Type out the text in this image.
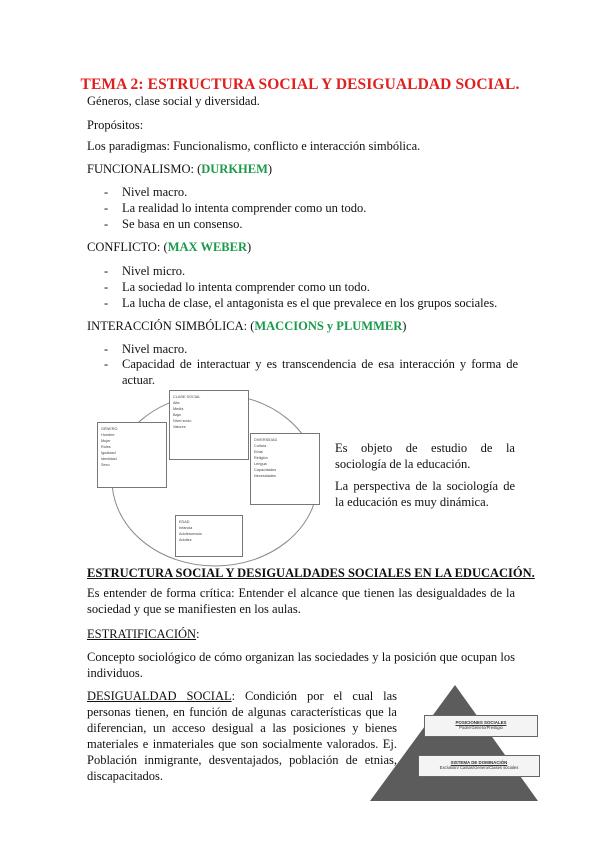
TEMA 2: ESTRUCTURA SOCIAL Y DESIGUALDAD SOCIAL.
Géneros, clase social y diversidad.
Propósitos:
Los paradigmas: Funcionalismo, conflicto e interacción simbólica.
FUNCIONALISMO: (DURKHEM)
- Nivel macro.
- La realidad lo intenta comprender como un todo.
- Se basa en un consenso.
CONFLICTO: (MAX WEBER)
- Nivel micro.
- La sociedad lo intenta comprender como un todo.
- La lucha de clase, el antagonista es el que prevalece en los grupos sociales.
INTERACCIÓN SIMBÓLICA: (MACCIONS y PLUMMER)
- Nivel macro.
-	Capacidad de interactuar y es transcendencia de esa interacción y forma de actuar.
CLASE SOCIAL
Alta
Media
Baja
Nivel socio
Valores
GÉNERO
Hombre
Mujer
Roles
Igualdad
Identidad
Sexo
DIVERSIDAD
Cultura
Etnia
Religión
Lengua
Capacidades
Necesidades
EDAD
Infancia
Adolescencia
Adultez
Es objeto de estudio de la sociología de la educación.
La perspectiva de la sociología de la educación es muy dinámica.
ESTRUCTURA SOCIAL Y DESIGUALDADES SOCIALES EN LA EDUCACIÓN.
Es entender de forma crítica: Entender el alcance que tienen las desigualdades de la sociedad y que se manifiesten en los aulas.
ESTRATIFICACIÓN:
Concepto sociológico de cómo organizan las sociedades y la posición que ocupan los individuos.
DESIGUALDAD SOCIAL: Condición por el cual las personas tienen, en función de algunas características que la diferencian, un acceso desigual a las posiciones y bienes materiales e inmateriales que son socialmente valorados. Ej. Población inmigrante, desventajados, población de etnias, discapacitados.
POSICIONES SOCIALES
Poder/Género/Prestigio
SISTEMA DE DOMINACIÓN
Exclusión/ Castas/Género/Clases sociales
